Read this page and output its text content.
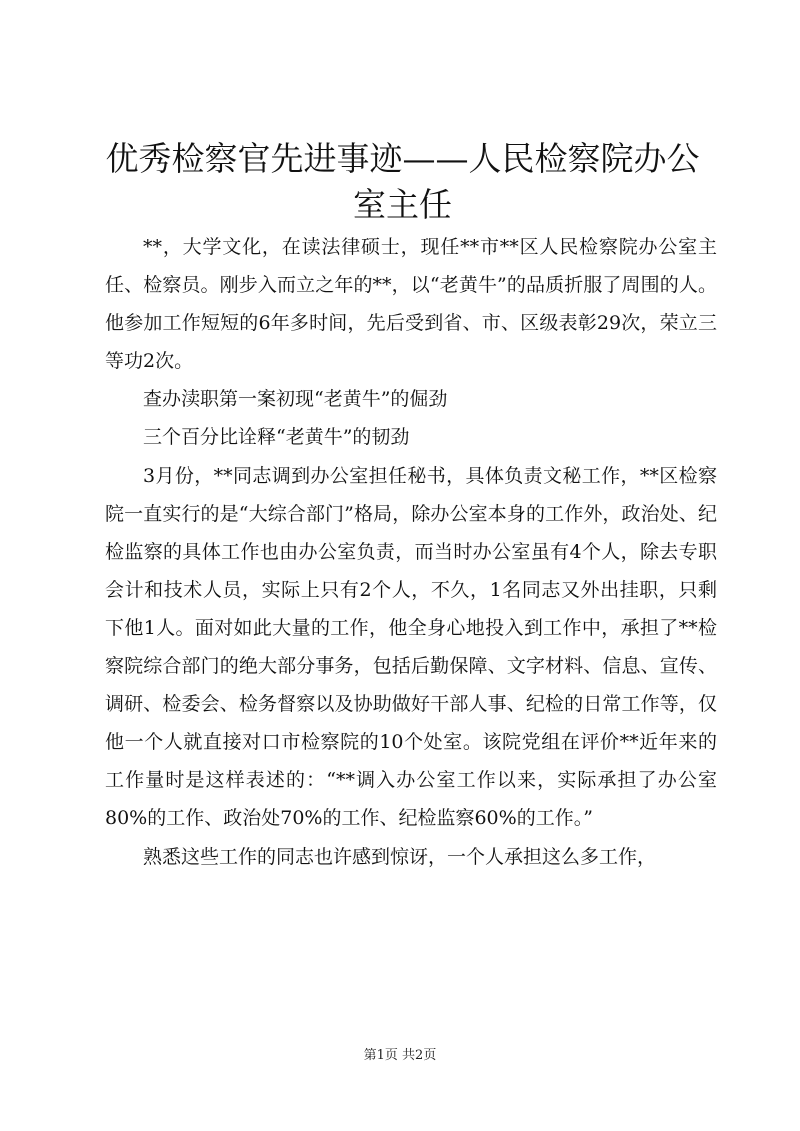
优秀检察官先进事迹——人民检察院办公室主任

**，大学文化，在读法律硕士，现任**市**区人民检察院办公室主任、检察员。刚步入而立之年的**，以“老黄牛”的品质折服了周围的人。他参加工作短短的6年多时间，先后受到省、市、区级表彰29次，荣立三等功2次。

查办渎职第一案初现“老黄牛”的倔劲

三个百分比诠释“老黄牛”的韧劲

3月份，**同志调到办公室担任秘书，具体负责文秘工作，**区检察院一直实行的是“大综合部门”格局，除办公室本身的工作外，政治处、纪检监察的具体工作也由办公室负责，而当时办公室虽有4个人，除去专职会计和技术人员，实际上只有2个人，不久，1名同志又外出挂职，只剩下他1人。面对如此大量的工作，他全身心地投入到工作中，承担了**检察院综合部门的绝大部分事务，包括后勤保障、文字材料、信息、宣传、调研、检委会、检务督察以及协助做好干部人事、纪检的日常工作等，仅他一个人就直接对口市检察院的10个处室。该院党组在评价**近年来的工作量时是这样表述的：“**调入办公室工作以来，实际承担了办公室80%的工作、政治处70%的工作、纪检监察60%的工作。”

熟悉这些工作的同志也许感到惊讶，一个人承担这么多工作，

第1页 共2页
